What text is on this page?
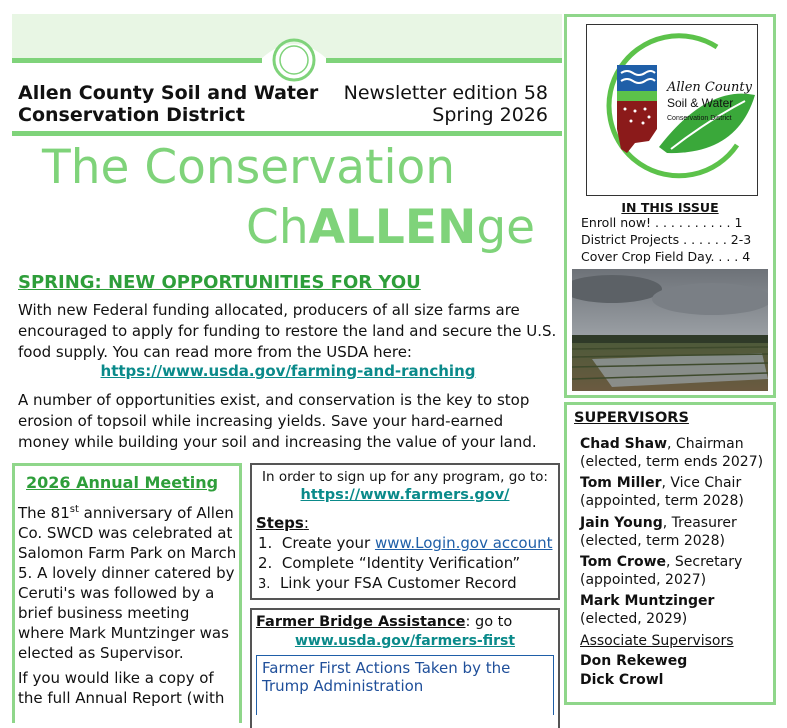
Allen County Soil and Water
Conservation District
Newsletter edition 58
Spring 2026
The Conservation
ChALLENge
SPRING: NEW OPPORTUNITIES FOR YOU
With new Federal funding allocated, producers of all size farms are encouraged to apply for funding to restore the land and secure the U.S. food supply. You can read more from the USDA here:
https://www.usda.gov/farming-and-ranching
A number of opportunities exist, and conservation is the key to stop erosion of topsoil while increasing yields. Save your hard-earned money while building your soil and increasing the value of your land.
2026 Annual Meeting

The 81st anniversary of Allen Co. SWCD was celebrated at Salomon Farm Park on March 5. A lovely dinner catered by Ceruti's was followed by a brief business meeting where Mark Muntzinger was elected as Supervisor.

If you would like a copy of the full Annual Report (with

In order to sign up for any program, go to:
https://www.farmers.gov/
Steps:
1.  Create your www.Login.gov account
2.  Complete “Identity Verification”
3. Link your FSA Customer Record
Farmer Bridge Assistance: go to
www.usda.gov/farmers-first
Farmer First Actions Taken by the Trump Administration
Allen County
Soil & Water
Conservation District
IN THIS ISSUE
Enroll now! . . . . . . . . . . 1
District Projects . . . . . . 2-3
Cover Crop Field Day. . . . 4
SUPERVISORS
Chad Shaw, Chairman
(elected, term ends 2027)
Tom Miller, Vice Chair
(appointed, term 2028)
Jain Young, Treasurer
(elected, term 2028)
Tom Crowe, Secretary
(appointed, 2027)
Mark Muntzinger
(elected, 2029)
Associate Supervisors
Don Rekeweg
Dick Crowl
